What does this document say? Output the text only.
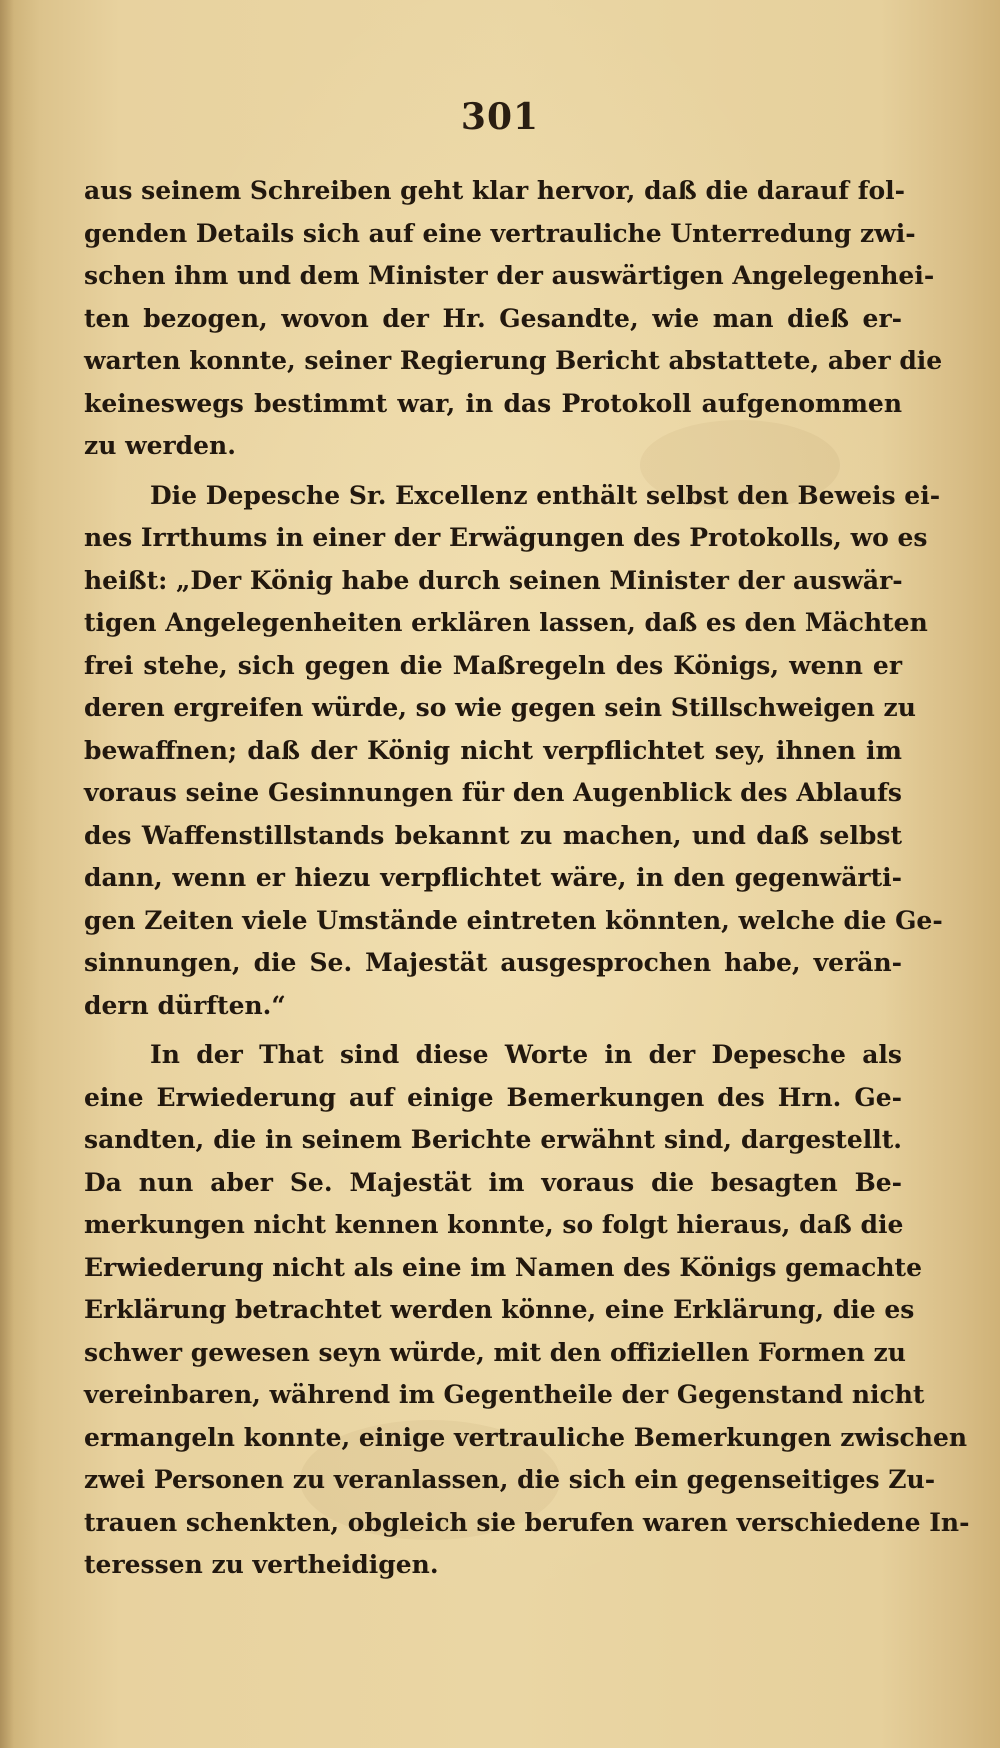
301
aus seinem Schreiben geht klar hervor, daß die darauf fol-
genden Details sich auf eine vertrauliche Unterredung zwi-
schen ihm und dem Minister der auswärtigen Angelegenhei-
ten bezogen, wovon der Hr. Gesandte, wie man dieß er-
warten konnte, seiner Regierung Bericht abstattete, aber die
keineswegs bestimmt war, in das Protokoll aufgenommen
zu werden.
Die Depesche Sr. Excellenz enthält selbst den Beweis ei-
nes Irrthums in einer der Erwägungen des Protokolls, wo es
heißt: „Der König habe durch seinen Minister der auswär-
tigen Angelegenheiten erklären lassen, daß es den Mächten
frei stehe, sich gegen die Maßregeln des Königs, wenn er
deren ergreifen würde, so wie gegen sein Stillschweigen zu
bewaffnen; daß der König nicht verpflichtet sey, ihnen im
voraus seine Gesinnungen für den Augenblick des Ablaufs
des Waffenstillstands bekannt zu machen, und daß selbst
dann, wenn er hiezu verpflichtet wäre, in den gegenwärti-
gen Zeiten viele Umstände eintreten könnten, welche die Ge-
sinnungen, die Se. Majestät ausgesprochen habe, verän-
dern dürften.“
In der That sind diese Worte in der Depesche als
eine Erwiederung auf einige Bemerkungen des Hrn. Ge-
sandten, die in seinem Berichte erwähnt sind, dargestellt.
Da nun aber Se. Majestät im voraus die besagten Be-
merkungen nicht kennen konnte, so folgt hieraus, daß die
Erwiederung nicht als eine im Namen des Königs gemachte
Erklärung betrachtet werden könne, eine Erklärung, die es
schwer gewesen seyn würde, mit den offiziellen Formen zu
vereinbaren, während im Gegentheile der Gegenstand nicht
ermangeln konnte, einige vertrauliche Bemerkungen zwischen
zwei Personen zu veranlassen, die sich ein gegenseitiges Zu-
trauen schenkten, obgleich sie berufen waren verschiedene In-
teressen zu vertheidigen.
